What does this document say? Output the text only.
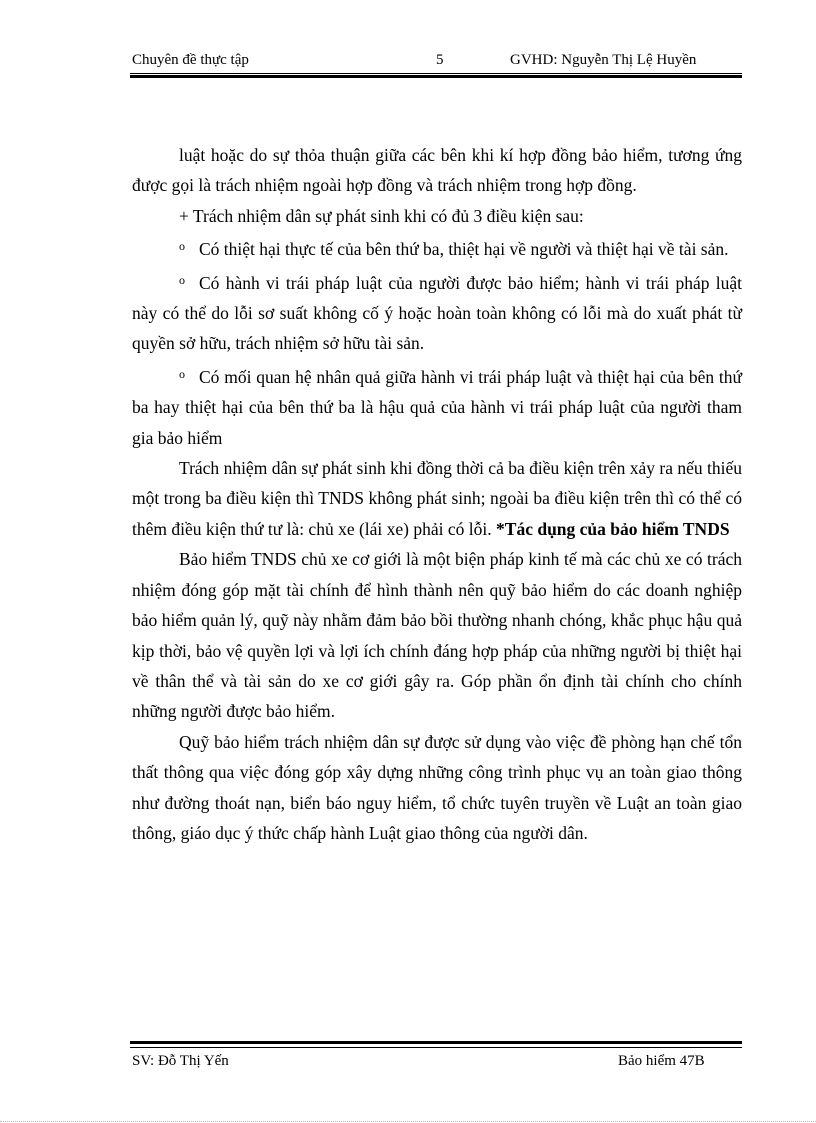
Chuyên đề thực tập	5	GVHD: Nguyễn Thị Lệ Huyền

luật hoặc do sự thỏa thuận giữa các bên khi kí hợp đồng bảo hiểm, tương ứng được gọi là trách nhiệm ngoài hợp đồng và trách nhiệm trong hợp đồng.

+ Trách nhiệm dân sự phát sinh khi có đủ 3 điều kiện sau:

$^o$ Có thiệt hại thực tế của bên thứ ba, thiệt hại về người và thiệt hại về tài sản.

$^o$ Có hành vi trái pháp luật của người được bảo hiểm; hành vi trái pháp luật này có thể do lỗi sơ suất không cố ý hoặc hoàn toàn không có lỗi mà do xuất phát từ quyền sở hữu, trách nhiệm sở hữu tài sản.

$^o$ Có mối quan hệ nhân quả giữa hành vi trái pháp luật và thiệt hại của bên thứ ba hay thiệt hại của bên thứ ba là hậu quả của hành vi trái pháp luật của người tham gia bảo hiểm

Trách nhiệm dân sự phát sinh khi đồng thời cả ba điều kiện trên xảy ra nếu thiếu một trong ba điều kiện thì TNDS không phát sinh; ngoài ba điều kiện trên thì có thể có thêm điều kiện thứ tư là: chủ xe (lái xe) phải có lỗi. *Tác dụng của bảo hiểm TNDS

Bảo hiểm TNDS chủ xe cơ giới là một biện pháp kinh tế mà các chủ xe có trách nhiệm đóng góp mặt tài chính để hình thành nên quỹ bảo hiểm do các doanh nghiệp bảo hiểm quản lý, quỹ này nhằm đảm bảo bồi thường nhanh chóng, khắc phục hậu quả kịp thời, bảo vệ quyền lợi và lợi ích chính đáng hợp pháp của những người bị thiệt hại về thân thể và tài sản do xe cơ giới gây ra. Góp phần ổn định tài chính cho chính những người được bảo hiểm.

Quỹ bảo hiểm trách nhiệm dân sự được sử dụng vào việc đề phòng hạn chế tổn thất thông qua việc đóng góp xây dựng những công trình phục vụ an toàn giao thông như đường thoát nạn, biển báo nguy hiểm, tổ chức tuyên truyền về Luật an toàn giao thông, giáo dục ý thức chấp hành Luật giao thông của người dân.

SV: Đỗ Thị Yến	Bảo hiểm 47B
